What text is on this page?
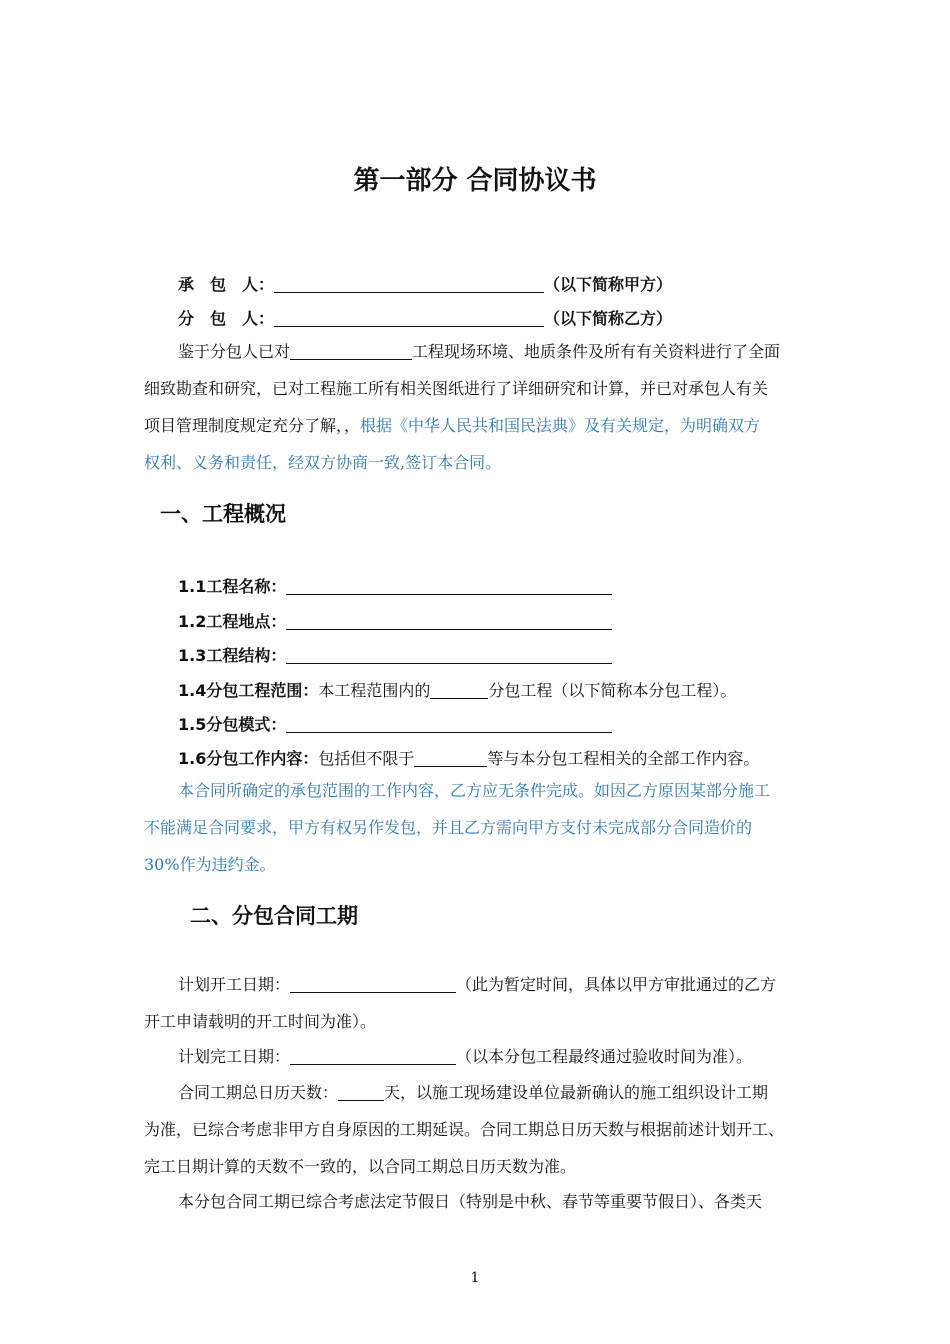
第一部分 合同协议书
承　包　人：	（以下简称甲方）
分　包　人：	（以下简称乙方）
鉴于分包人已对	工程现场环境、地质条件及所有有关资料进行了全面
细致勘查和研究，已对工程施工所有相关图纸进行了详细研究和计算，并已对承包人有关
项目管理制度规定充分了解，，根据《中华人民共和国民法典》及有关规定，为明确双方
权利、义务和责任，经双方协商一致,签订本合同。
一、工程概况
1.1工程名称：
1.2工程地点：
1.3工程结构：
1.4分包工程范围：本工程范围内的	分包工程（以下简称本分包工程）。
1.5分包模式：
1.6分包工作内容：包括但不限于	等与本分包工程相关的全部工作内容。
本合同所确定的承包范围的工作内容，乙方应无条件完成。如因乙方原因某部分施工
不能满足合同要求，甲方有权另作发包，并且乙方需向甲方支付未完成部分合同造价的
30%作为违约金。
二、分包合同工期
计划开工日期：	（此为暂定时间，具体以甲方审批通过的乙方
开工申请载明的开工时间为准）。
计划完工日期：	（以本分包工程最终通过验收时间为准）。
合同工期总日历天数：	天，以施工现场建设单位最新确认的施工组织设计工期
为准，已综合考虑非甲方自身原因的工期延误。合同工期总日历天数与根据前述计划开工、
完工日期计算的天数不一致的，以合同工期总日历天数为准。
本分包合同工期已综合考虑法定节假日（特别是中秋、春节等重要节假日）、各类天
1
